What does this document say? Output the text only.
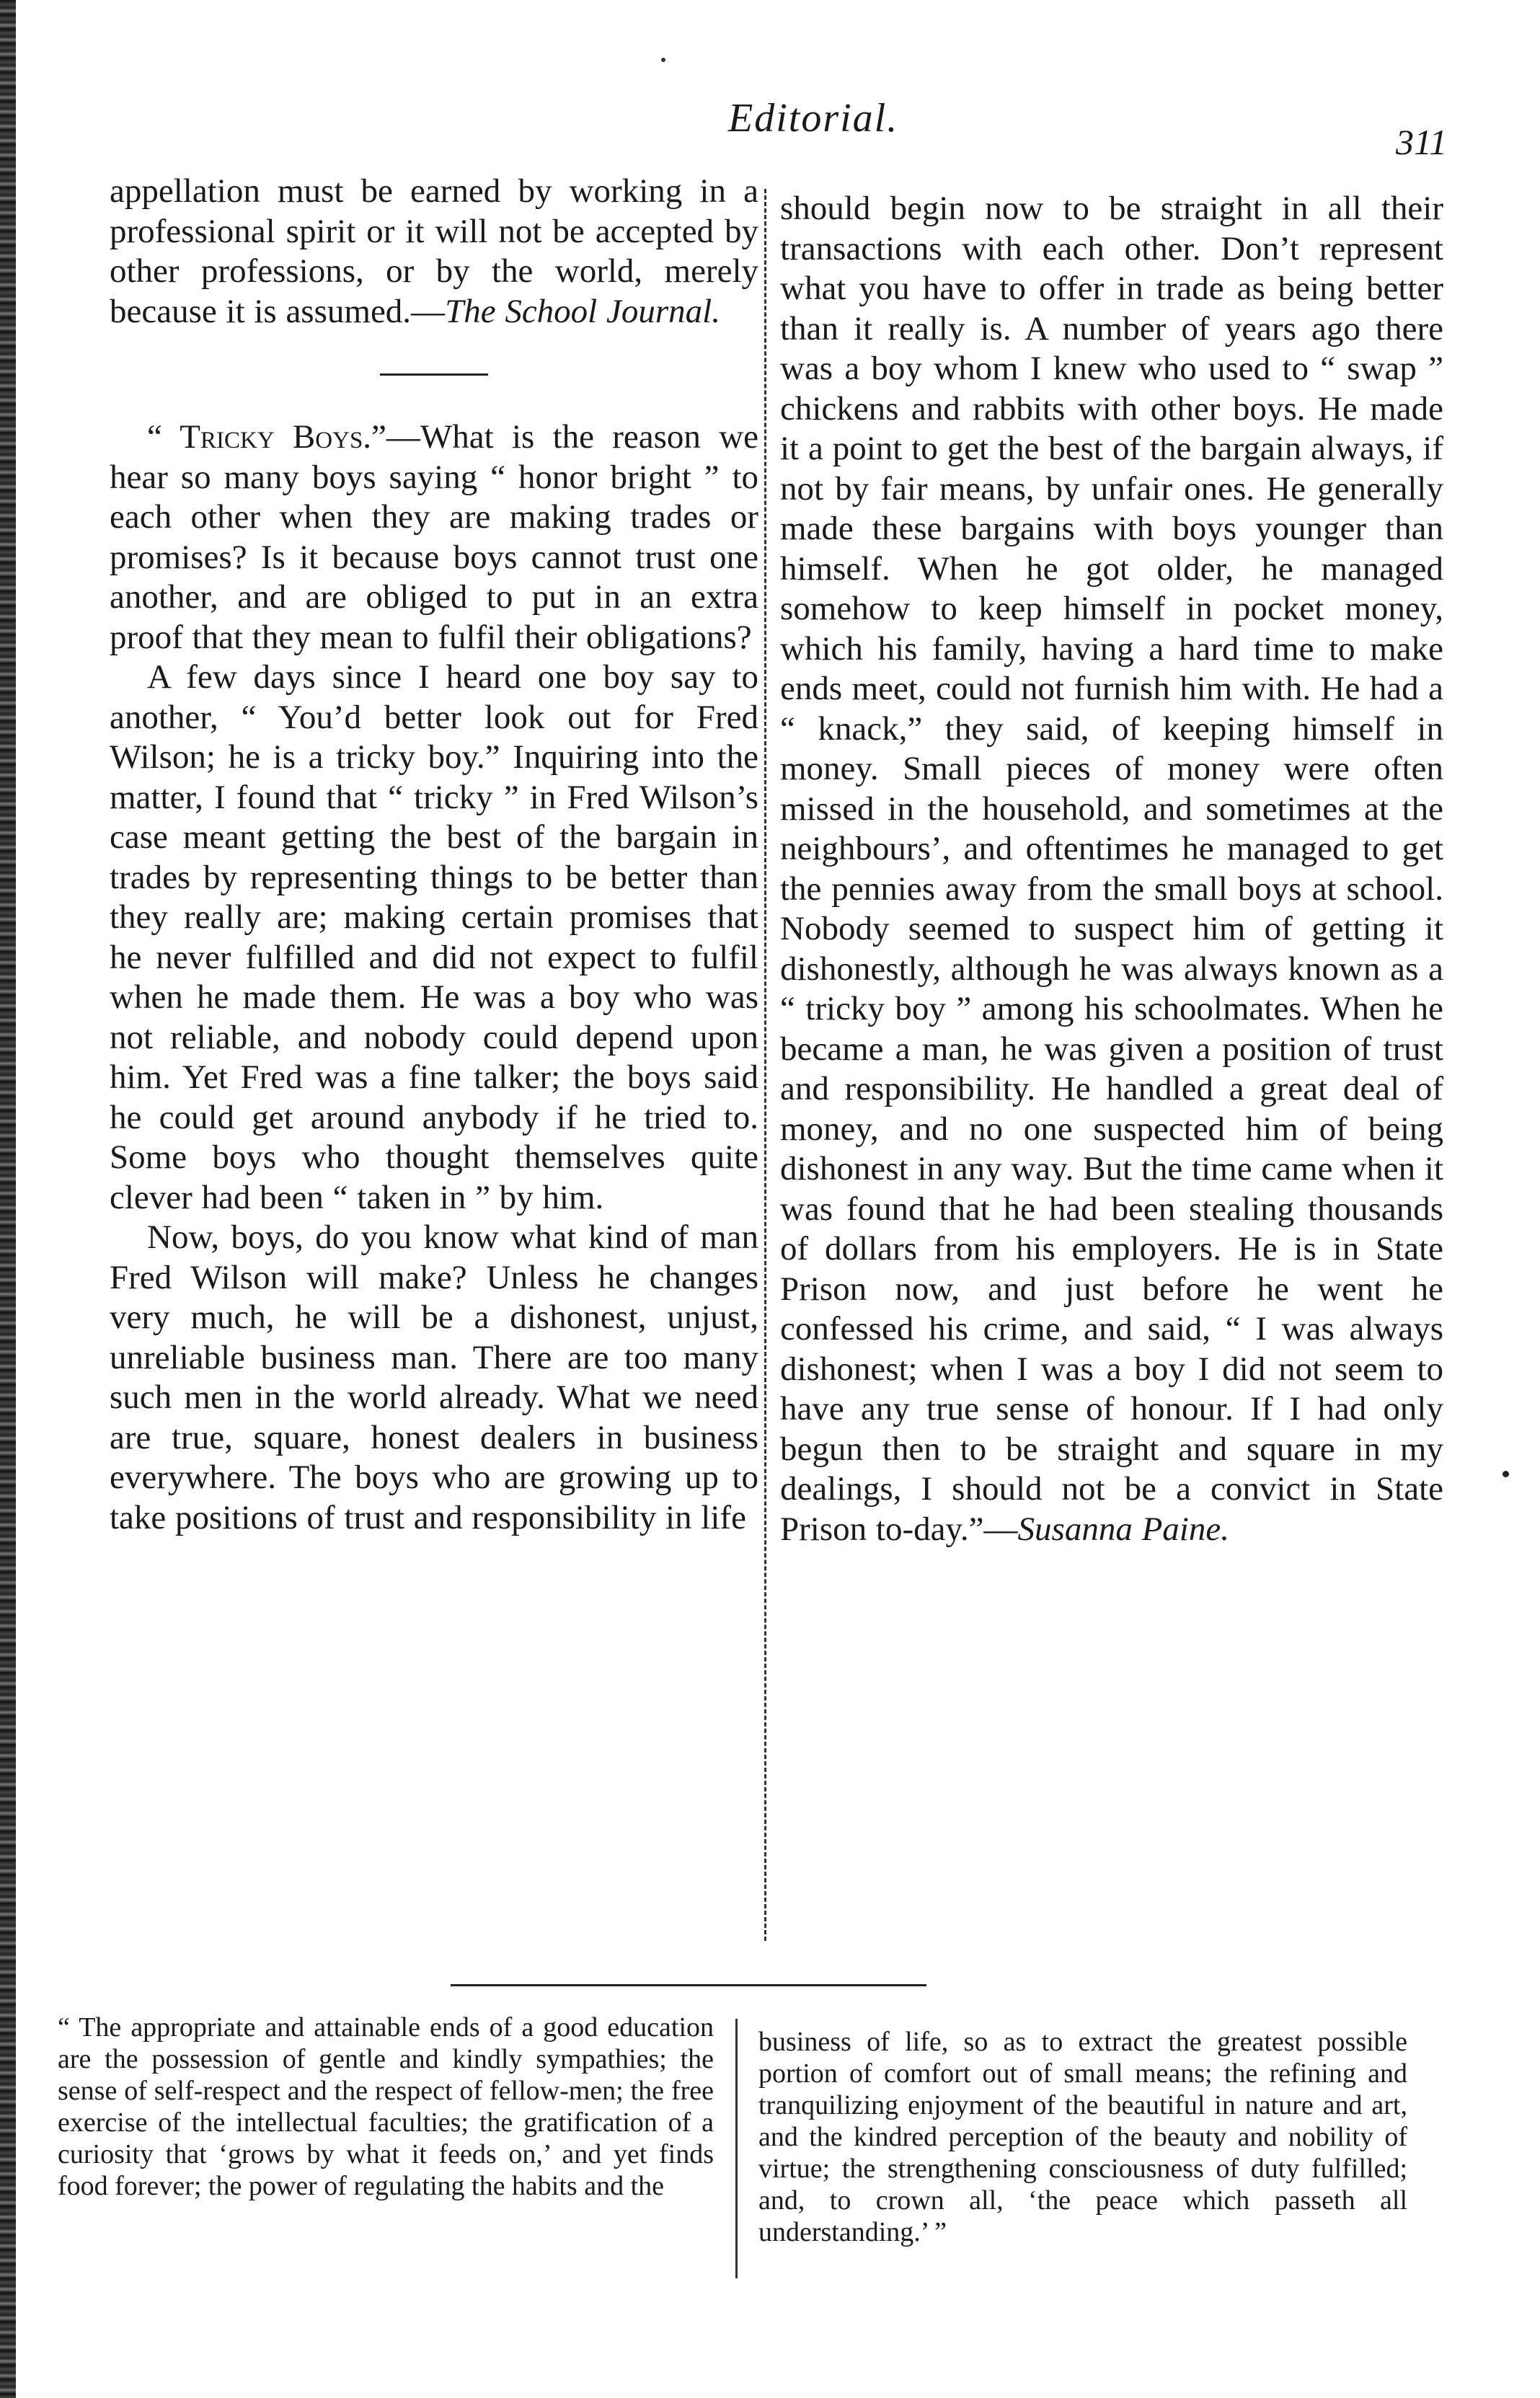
Editorial.
311

appellation must be earned by working in a professional spirit or it will not be accepted by other professions, or by the world, merely because it is assumed.—The School Journal.

“ Tricky Boys.”—What is the reason we hear so many boys saying “ honor bright ” to each other when they are making trades or promises? Is it because boys cannot trust one another, and are obliged to put in an extra proof that they mean to fulfil their obligations?

A few days since I heard one boy say to another, “ You’d better look out for Fred Wilson; he is a tricky boy.” Inquiring into the matter, I found that “ tricky ” in Fred Wilson’s case meant getting the best of the bargain in trades by representing things to be better than they really are; making certain promises that he never fulfilled and did not expect to fulfil when he made them. He was a boy who was not reliable, and nobody could depend upon him. Yet Fred was a fine talker; the boys said he could get around anybody if he tried to. Some boys who thought themselves quite clever had been “ taken in ” by him.

Now, boys, do you know what kind of man Fred Wilson will make? Unless he changes very much, he will be a dishonest, unjust, unreliable business man. There are too many such men in the world already. What we need are true, square, honest dealers in business everywhere. The boys who are growing up to take positions of trust and responsibility in life

should begin now to be straight in all their transactions with each other. Don’t represent what you have to offer in trade as being better than it really is. A number of years ago there was a boy whom I knew who used to “ swap ” chickens and rabbits with other boys. He made it a point to get the best of the bargain always, if not by fair means, by unfair ones. He generally made these bargains with boys younger than himself. When he got older, he managed somehow to keep himself in pocket money, which his family, having a hard time to make ends meet, could not furnish him with. He had a “ knack,” they said, of keeping himself in money. Small pieces of money were often missed in the household, and sometimes at the neighbours’, and oftentimes he managed to get the pennies away from the small boys at school. Nobody seemed to suspect him of getting it dishonestly, although he was always known as a “ tricky boy ” among his schoolmates. When he became a man, he was given a position of trust and responsibility. He handled a great deal of money, and no one suspected him of being dishonest in any way. But the time came when it was found that he had been stealing thousands of dollars from his employers. He is in State Prison now, and just before he went he confessed his crime, and said, “ I was always dishonest; when I was a boy I did not seem to have any true sense of honour. If I had only begun then to be straight and square in my dealings, I should not be a convict in State Prison to-day.”—Susanna Paine.

“ The appropriate and attainable ends of a good education are the possession of gentle and kindly sympathies; the sense of self-respect and the respect of fellow-men; the free exercise of the intellectual faculties; the gratification of a curiosity that ‘grows by what it feeds on,’ and yet finds food forever; the power of regulating the habits and the

business of life, so as to extract the greatest possible portion of comfort out of small means; the refining and tranquilizing enjoyment of the beautiful in nature and art, and the kindred perception of the beauty and nobility of virtue; the strengthening consciousness of duty fulfilled; and, to crown all, ‘the peace which passeth all understanding.’ ”
